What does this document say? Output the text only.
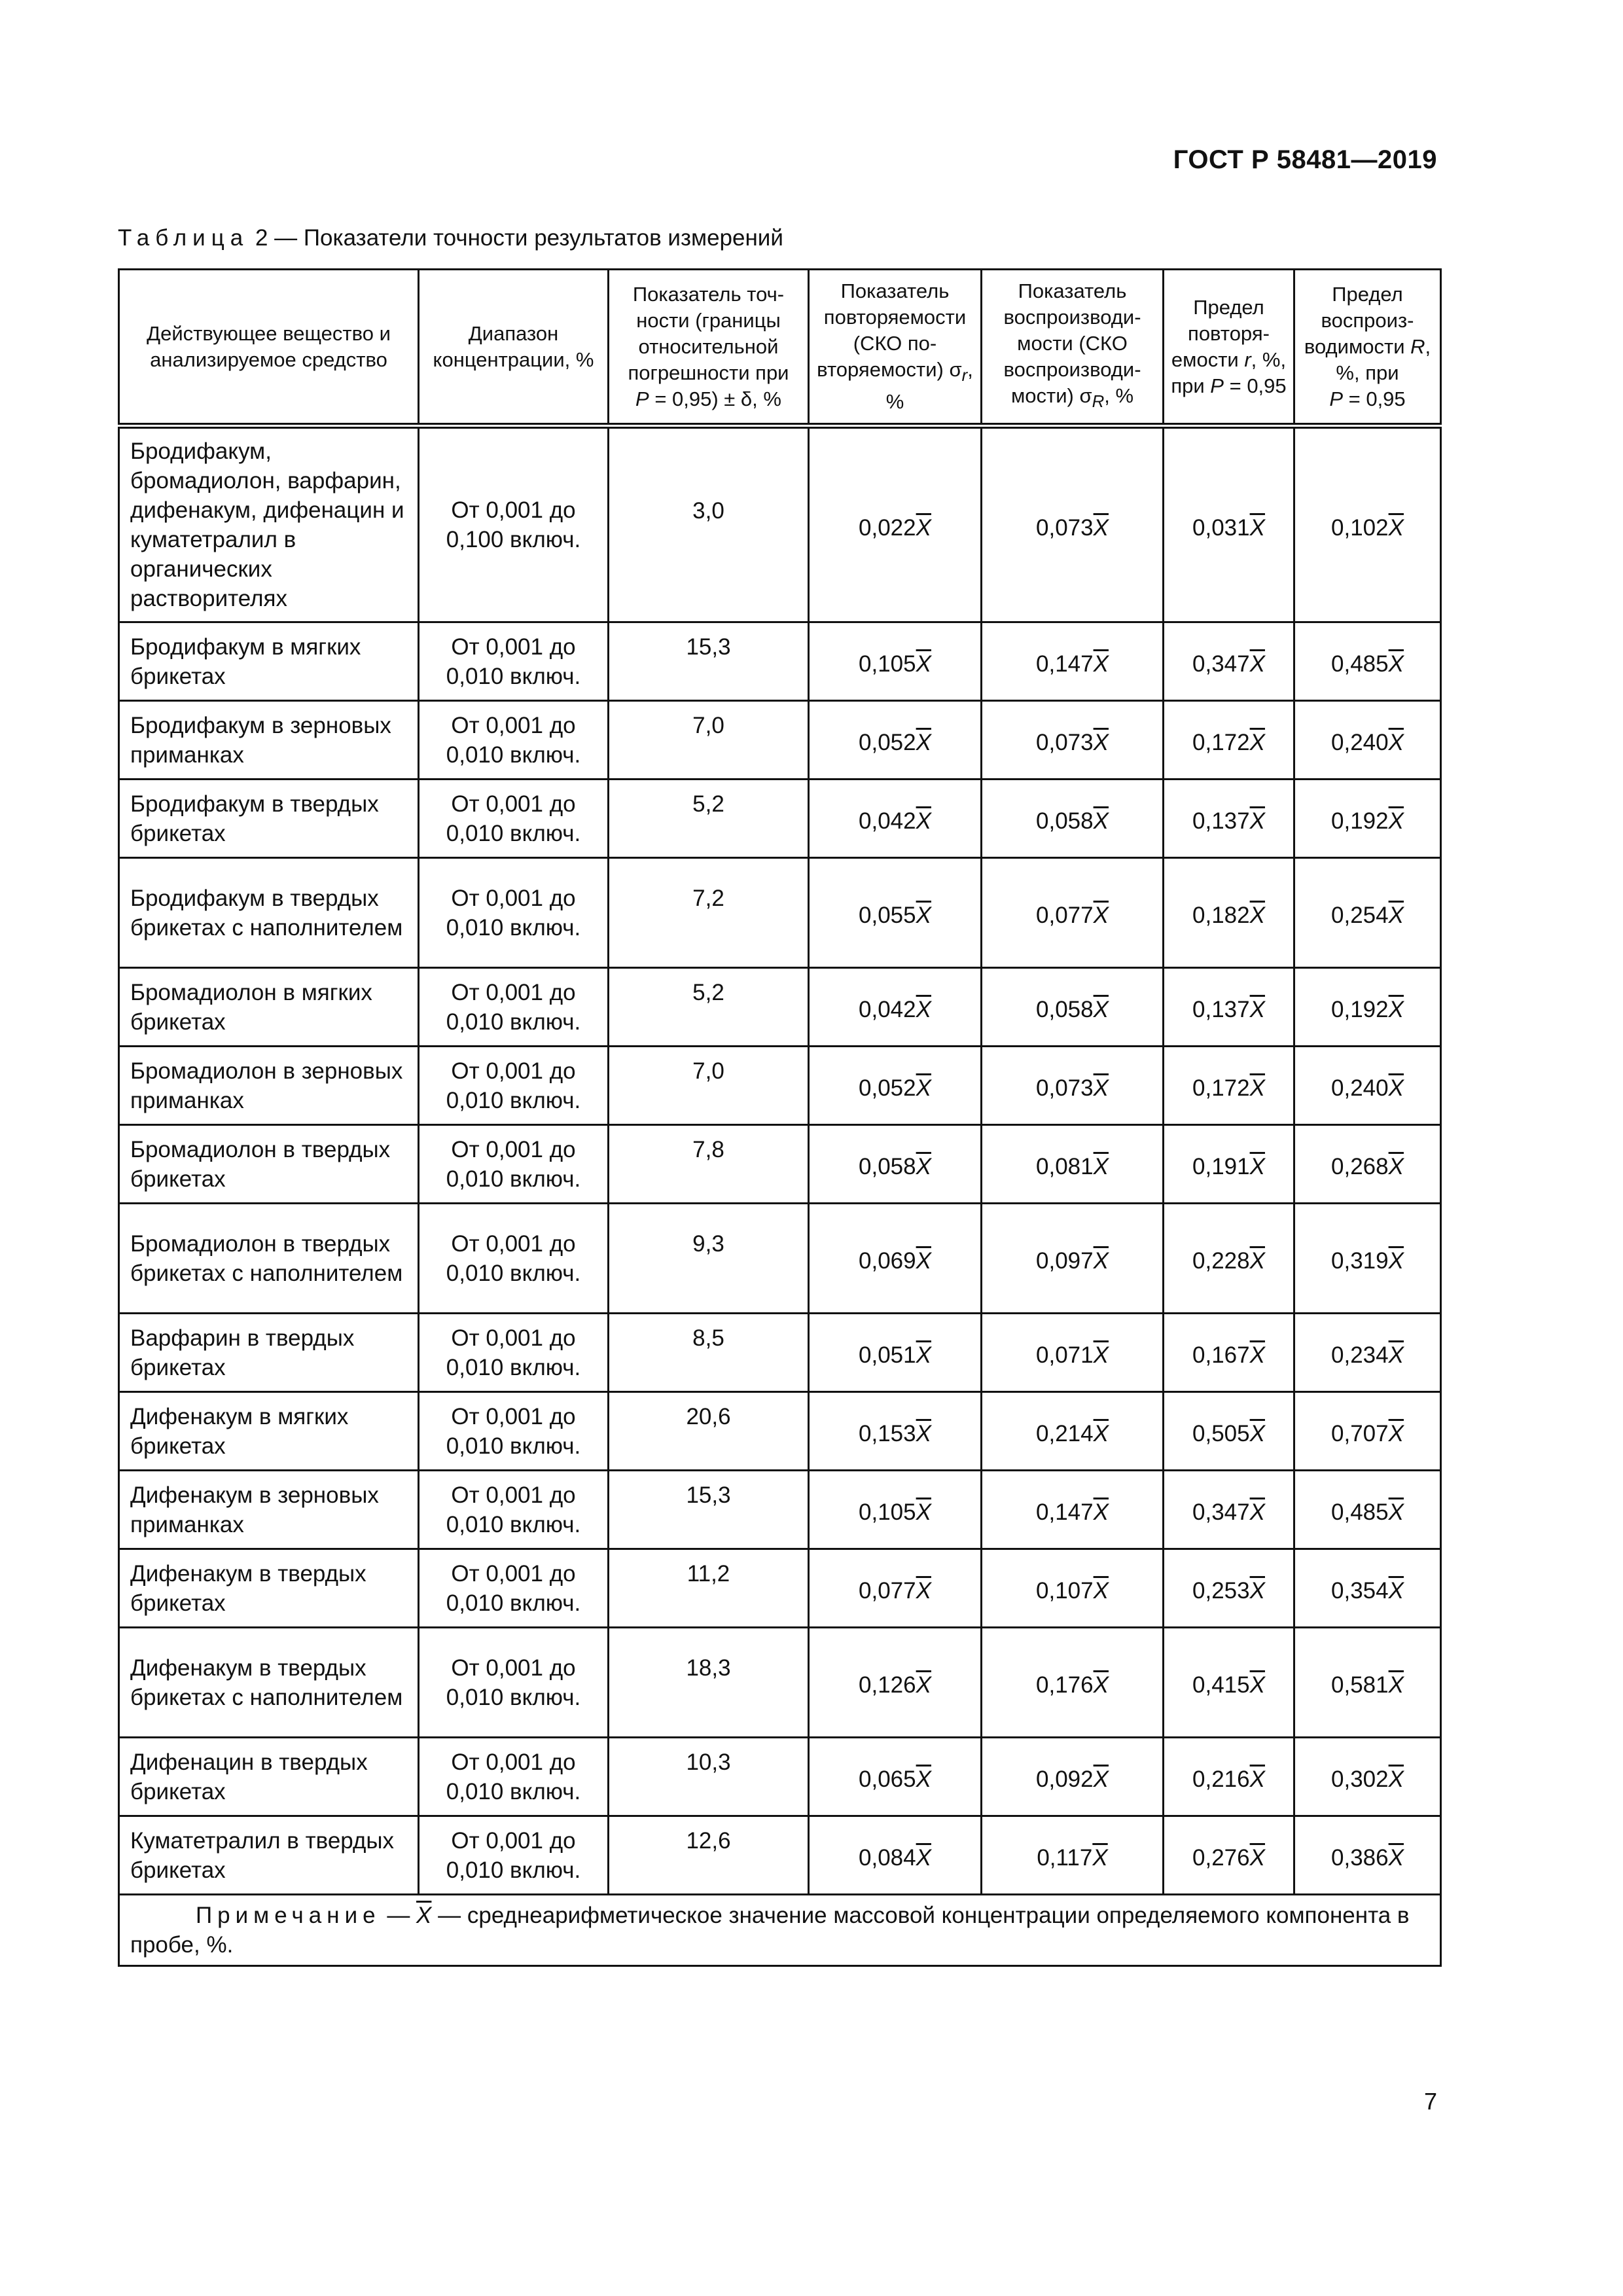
ГОСТ Р 58481—2019
Таблица 2 — Показатели точности результатов измерений
Действующее вещество и анализируемое средство	Диапазон концентрации, %	Показатель точности (границы относительной погрешности при P = 0,95) ± δ, %	Показатель повторяемости (СКО повторяемости) $\sigma_r$, %	Показатель воспроизводимости (СКО воспроизводимости) $\sigma_R$, %	Предел повторяемости r, %, при P = 0,95	Предел воспроизводимости R, %, при P = 0,95
Бродифакум, бромадиолон, варфарин, дифенакум, дифенацин и куматетралил в органических растворителях	От 0,001 до 0,100 включ.	3,0	$0,022\overline{X}$	$0,073\overline{X}$	$0,031\overline{X}$	$0,102\overline{X}$
Бродифакум в мягких брикетах	От 0,001 до 0,010 включ.	15,3	$0,105\overline{X}$	$0,147\overline{X}$	$0,347\overline{X}$	$0,485\overline{X}$
Бродифакум в зерновых приманках	От 0,001 до 0,010 включ.	7,0	$0,052\overline{X}$	$0,073\overline{X}$	$0,172\overline{X}$	$0,240\overline{X}$
Бродифакум в твердых брикетах	От 0,001 до 0,010 включ.	5,2	$0,042\overline{X}$	$0,058\overline{X}$	$0,137\overline{X}$	$0,192\overline{X}$
Бродифакум в твердых брикетах с наполнителем	От 0,001 до 0,010 включ.	7,2	$0,055\overline{X}$	$0,077\overline{X}$	$0,182\overline{X}$	$0,254\overline{X}$
Бромадиолон в мягких брикетах	От 0,001 до 0,010 включ.	5,2	$0,042\overline{X}$	$0,058\overline{X}$	$0,137\overline{X}$	$0,192\overline{X}$
Бромадиолон в зерновых приманках	От 0,001 до 0,010 включ.	7,0	$0,052\overline{X}$	$0,073\overline{X}$	$0,172\overline{X}$	$0,240\overline{X}$
Бромадиолон в твердых брикетах	От 0,001 до 0,010 включ.	7,8	$0,058\overline{X}$	$0,081\overline{X}$	$0,191\overline{X}$	$0,268\overline{X}$
Бромадиолон в твердых брикетах с наполнителем	От 0,001 до 0,010 включ.	9,3	$0,069\overline{X}$	$0,097\overline{X}$	$0,228\overline{X}$	$0,319\overline{X}$
Варфарин в твердых брикетах	От 0,001 до 0,010 включ.	8,5	$0,051\overline{X}$	$0,071\overline{X}$	$0,167\overline{X}$	$0,234\overline{X}$
Дифенакум в мягких брикетах	От 0,001 до 0,010 включ.	20,6	$0,153\overline{X}$	$0,214\overline{X}$	$0,505\overline{X}$	$0,707\overline{X}$
Дифенакум в зерновых приманках	От 0,001 до 0,010 включ.	15,3	$0,105\overline{X}$	$0,147\overline{X}$	$0,347\overline{X}$	$0,485\overline{X}$
Дифенакум в твердых брикетах	От 0,001 до 0,010 включ.	11,2	$0,077\overline{X}$	$0,107\overline{X}$	$0,253\overline{X}$	$0,354\overline{X}$
Дифенакум в твердых брикетах с наполнителем	От 0,001 до 0,010 включ.	18,3	$0,126\overline{X}$	$0,176\overline{X}$	$0,415\overline{X}$	$0,581\overline{X}$
Дифенацин в твердых брикетах	От 0,001 до 0,010 включ.	10,3	$0,065\overline{X}$	$0,092\overline{X}$	$0,216\overline{X}$	$0,302\overline{X}$
Куматетралил в твердых брикетах	От 0,001 до 0,010 включ.	12,6	$0,084\overline{X}$	$0,117\overline{X}$	$0,276\overline{X}$	$0,386\overline{X}$
Примечание — $\overline{X}$ — среднеарифметическое значение массовой концентрации определяемого компонента в пробе, %.						
7
